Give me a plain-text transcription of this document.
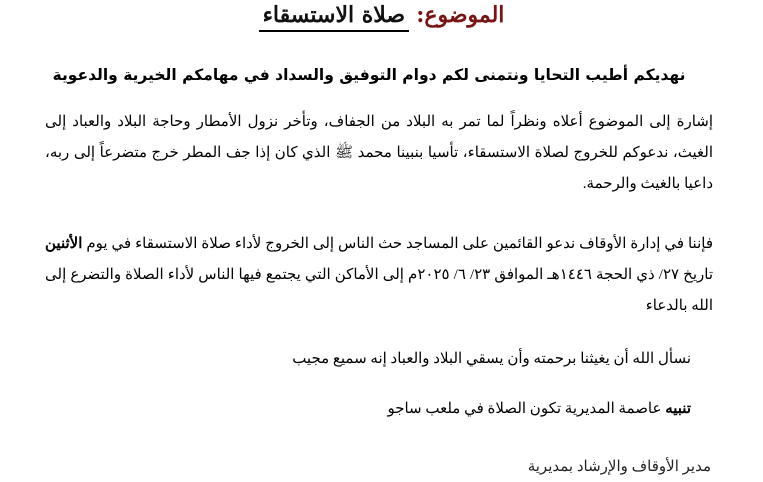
الموضوع: صلاة الاستسقاء
نهديكم أطيب التحايا ونتمنى لكم دوام التوفيق والسداد في مهامكم الخيرية والدعوية
إشارة إلى الموضوع أعلاه ونظراً لما تمر به البلاد من الجفاف، وتأخر نزول الأمطار وحاجة البلاد والعباد إلى الغيث، ندعوكم للخروج لصلاة الاستسقاء، تأسيا بنبينا محمد ﷺ الذي كان إذا جف المطر خرج متضرعاً إلى ربه، داعيا بالغيث والرحمة.
فإننا في إدارة الأوقاف ندعو القائمين على المساجد حث الناس إلى الخروج لأداء صلاة الاستسقاء في يوم الأثنين تاريخ ٢٧/ ذي الحجة ١٤٤٦هـ الموافق ٢٣/ ٦/ ٢٠٢٥م إلى الأماكن التي يجتمع فيها الناس لأداء الصلاة والتضرع إلى الله بالدعاء
نسأل الله أن يغيثنا برحمته وأن يسقي البلاد والعباد إنه سميع مجيب
تنبيه عاصمة المديرية تكون الصلاة في ملعب ساجو
مدير الأوقاف والإرشاد بمديرية
